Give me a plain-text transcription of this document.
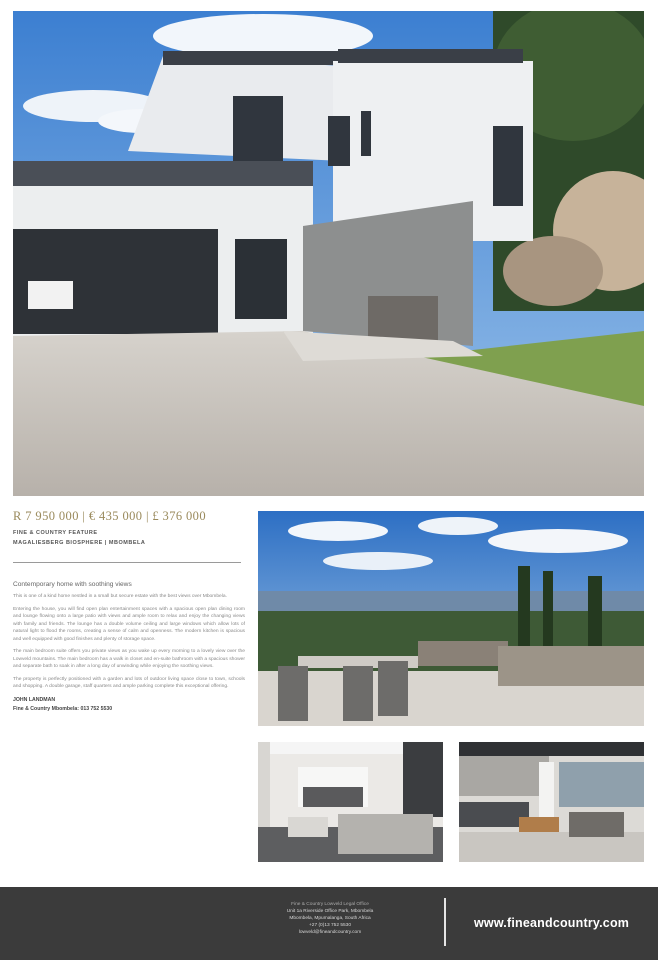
R 7 950 000 | € 435 000 | £ 376 000
FINE & COUNTRY FEATURE
MAGALIESBERG BIOSPHERE | MBOMBELA
Contemporary home with soothing views

This is one of a kind home nestled in a small but secure estate with the best views over Mbombela.

Entering the house, you will find open plan entertainment spaces with a spacious open plan dining room and lounge flowing onto a large patio with views and ample room to relax and enjoy the changing views with family and friends. The lounge has a double volume ceiling and large windows which allow lots of natural light to flood the rooms, creating a sense of calm and openness. The modern kitchen is spacious and well equipped with good finishes and plenty of storage space.

The main bedroom suite offers you private views as you wake up every morning to a lovely view over the Lowveld mountains. The main bedroom has a walk in closet and en-suite bathroom with a spacious shower and separate bath to soak in after a long day of unwinding while enjoying the soothing views.

The property is perfectly positioned with a garden and lots of outdoor living space close to town, schools and shopping. A double garage, staff quarters and ample parking complete this exceptional offering.

JOHN LANDMAN
Fine & Country Mbombela: 013 752 5530
Fine & Country Lowveld Legal Office
Unit 1a Riverside Office Park, Mbombela
Mbombela, Mpumalanga, South Africa
+27 (0)13 752 5530
lowveld@fineandcountry.com
www.fineandcountry.com
